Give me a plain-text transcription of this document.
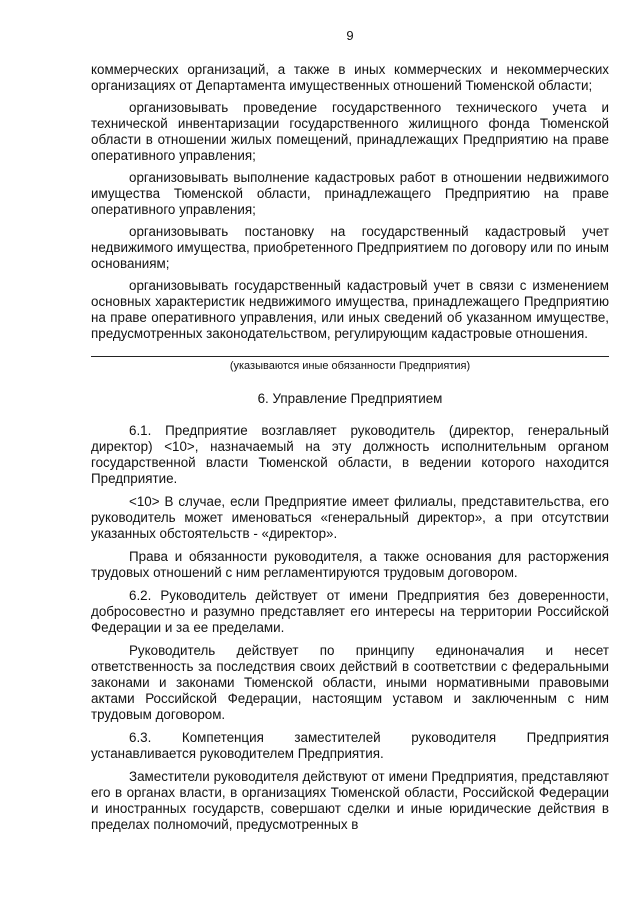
9

коммерческих организаций, а также в иных коммерческих и некоммерческих организациях от Департамента имущественных отношений Тюменской области;

организовывать проведение государственного технического учета и технической инвентаризации государственного жилищного фонда Тюменской области в отношении жилых помещений, принадлежащих Предприятию на праве оперативного управления;

организовывать выполнение кадастровых работ в отношении недвижимого имущества Тюменской области, принадлежащего Предприятию на праве оперативного управления;

организовывать постановку на государственный кадастровый учет недвижимого имущества, приобретенного Предприятием по договору или по иным основаниям;

организовывать государственный кадастровый учет в связи с изменением основных характеристик недвижимого имущества, принадлежащего Предприятию на праве оперативного управления, или иных сведений об указанном имуществе, предусмотренных законодательством, регулирующим кадастровые отношения.

(указываются иные обязанности Предприятия)
6. Управление Предприятием

6.1. Предприятие возглавляет руководитель (директор, генеральный директор) <10>, назначаемый на эту должность исполнительным органом государственной власти Тюменской области, в ведении которого находится Предприятие.

<10> В случае, если Предприятие имеет филиалы, представительства, его руководитель может именоваться «генеральный директор», а при отсутствии указанных обстоятельств - «директор».

Права и обязанности руководителя, а также основания для расторжения трудовых отношений с ним регламентируются трудовым договором.

6.2. Руководитель действует от имени Предприятия без доверенности, добросовестно и разумно представляет его интересы на территории Российской Федерации и за ее пределами.

Руководитель действует по принципу единоначалия и несет ответственность за последствия своих действий в соответствии с федеральными законами и законами Тюменской области, иными нормативными правовыми актами Российской Федерации, настоящим уставом и заключенным с ним трудовым договором.

6.3. Компетенция заместителей руководителя Предприятия устанавливается руководителем Предприятия.

Заместители руководителя действуют от имени Предприятия, представляют его в органах власти, в организациях Тюменской области, Российской Федерации и иностранных государств, совершают сделки и иные юридические действия в пределах полномочий, предусмотренных в
